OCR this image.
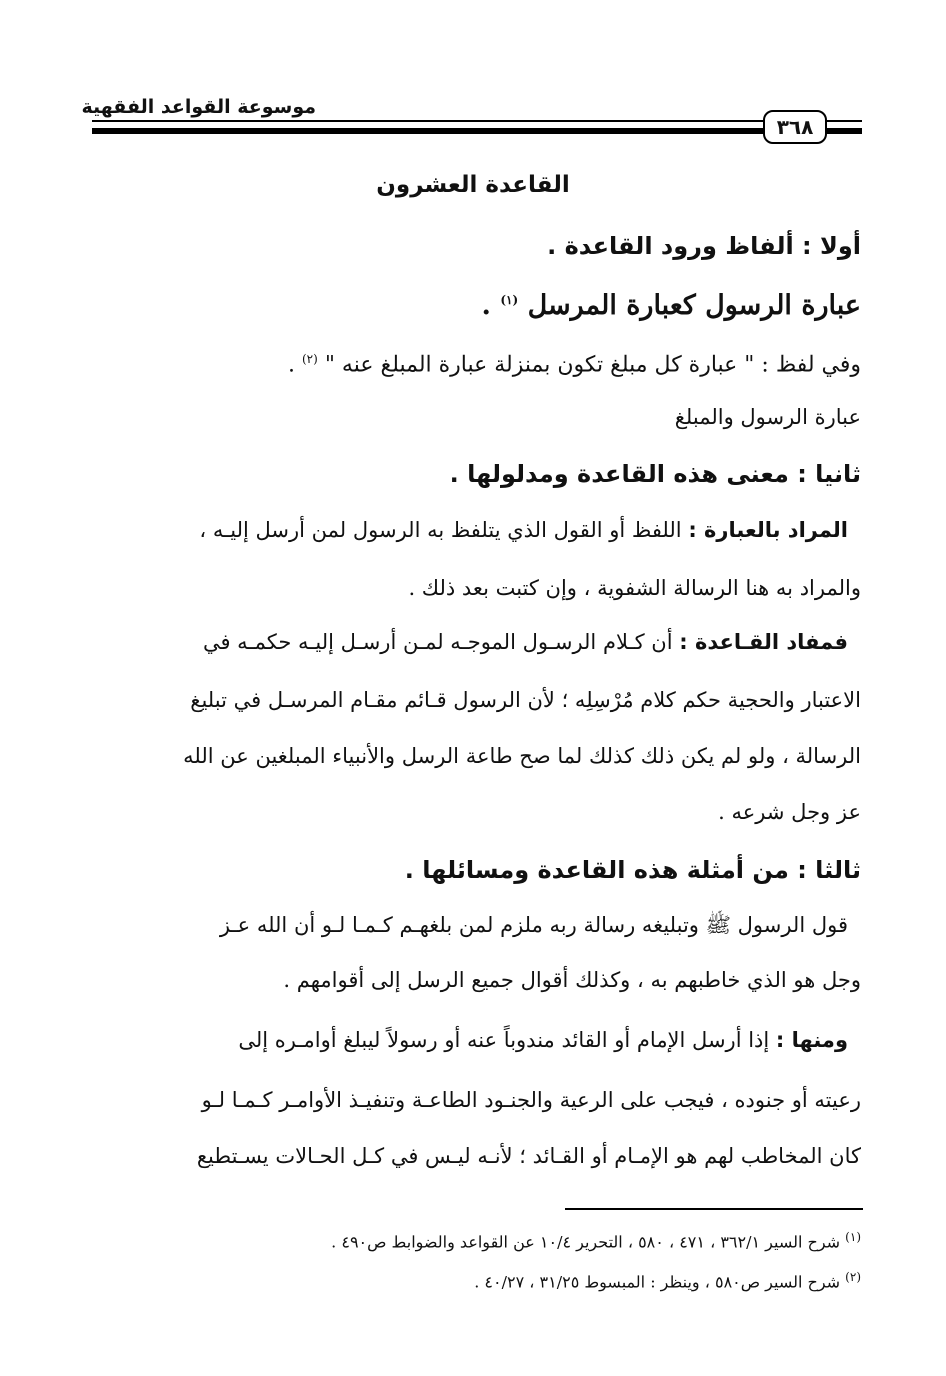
موسوعة القواعد الفقهية
٣٦٨
القاعدة العشرون
أولا : ألفاظ ورود القاعدة .
عبارة الرسول كعبارة المرسل $^{(١)}$ .
وفي لفظ : " عبارة كل مبلغ تكون بمنزلة عبارة المبلغ عنه " $^{(٢)}$ .
عبارة الرسول والمبلغ
ثانيا : معنى هذه القاعدة ومدلولها .
المراد بالعبارة : اللفظ أو القول الذي يتلفظ به الرسول لمن أرسل إليـه ،
والمراد به هنا الرسالة الشفوية ، وإن كتبت بعد ذلك .
فمفاد القـاعدة : أن كـلام الرسـول الموجـه لمـن أرسـل إليـه حكمـه في
الاعتبار والحجية حكم كلام مُرْسِلِه ؛ لأن الرسول قـائم مقـام المرسـل في تبليغ
الرسالة ، ولو لم يكن ذلك كذلك لما صح طاعة الرسل والأنبياء المبلغين عن الله
عز وجل شرعه .
ثالثا : من أمثلة هذه القاعدة ومسائلها .
قول الرسول ﷺ وتبليغه رسالة ربه ملزم لمن بلغهـم كـمـا لـو أن الله عـز
وجل هو الذي خاطبهم به ، وكذلك أقوال جميع الرسل إلى أقوامهم .
ومنها : إذا أرسل الإمام أو القائد مندوباً عنه أو رسولاً ليبلغ أوامـره إلى
رعيته أو جنوده ، فيجب على الرعية والجنـود الطاعـة وتنفيـذ الأوامـر كـمـا لـو
كان المخاطب لهم هو الإمـام أو القـائد ؛ لأنـه ليـس في كـل الحـالات يسـتطيع
$^{(١)}$ شرح السير ٣٦٢/١ ، ٤٧١ ، ٥٨٠ ، التحرير ١٠/٤ عن القواعد والضوابط ص٤٩٠ .
$^{(٢)}$ شرح السير ص٥٨٠ ، وينظر : المبسوط ٣١/٢٥ ، ٤٠/٢٧ .
